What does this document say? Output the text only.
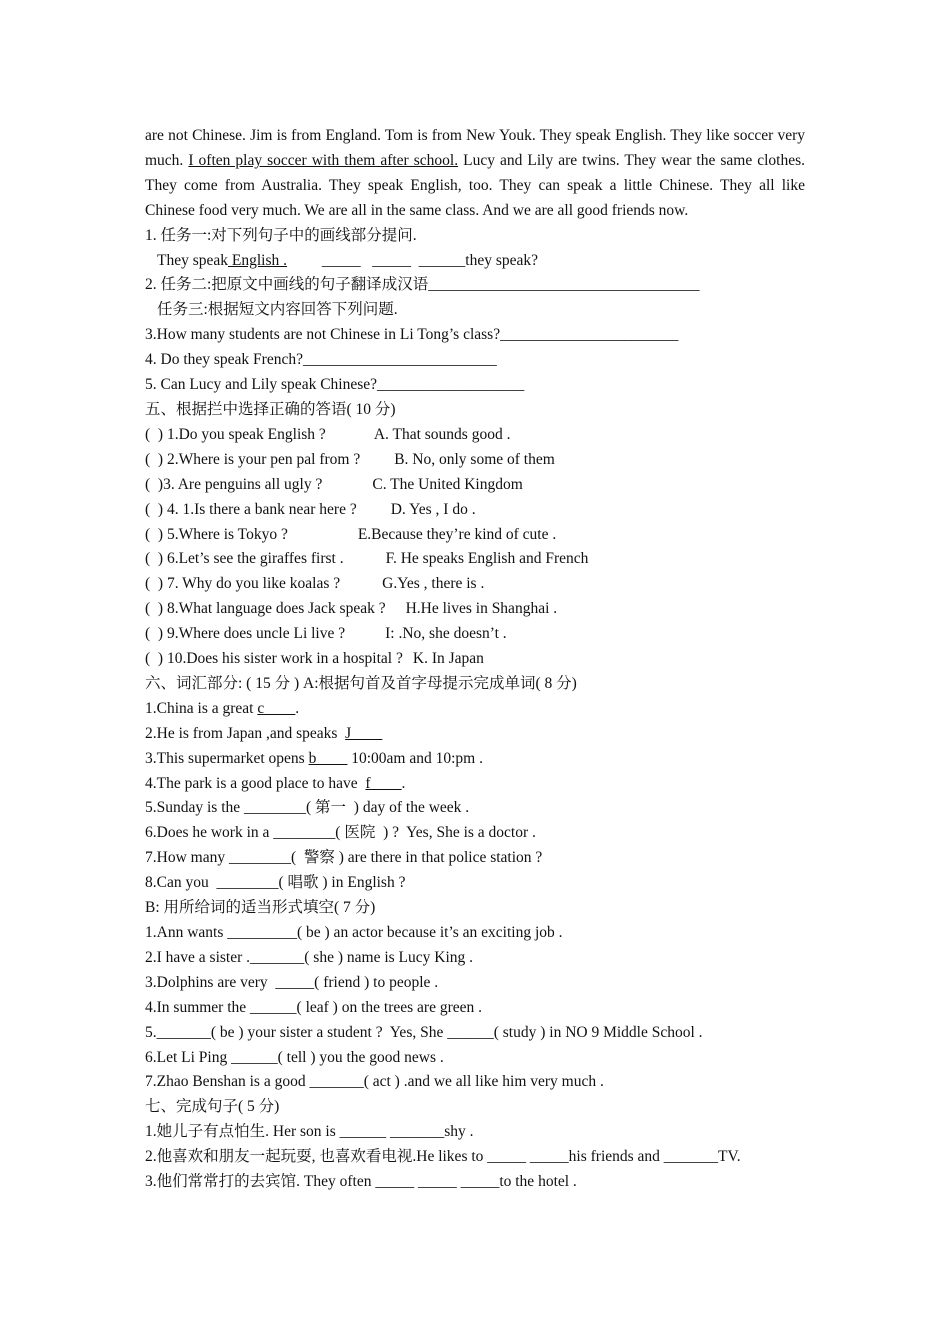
are not Chinese. Jim is from England. Tom is from New Youk. They speak English. They like soccer very much. I often play soccer with them after school. Lucy and Lily are twins. They wear the same clothes. They come from Australia. They speak English, too. They can speak a little Chinese. They all like Chinese food very much. We are all in the same class. And we are all good friends now.
1. 任务一:对下列句子中的画线部分提问.
They speak English .         _____   _____  ______they speak?
2. 任务二:把原文中画线的句子翻译成汉语___________________________________
任务三:根据短文内容回答下列问题.
3.How many students are not Chinese in Li Tong’s class?_______________________
4. Do they speak French?_________________________
5. Can Lucy and Lily speak Chinese?___________________
五、根据拦中选择正确的答语( 10 分)
(  ) 1.Do you speak English ?	A. That sounds good .
(  ) 2.Where is your pen pal from ? B. No, only some of them
(  )3. Are penguins all ugly ?	C. The United Kingdom
(  ) 4. 1.Is there a bank near here ? D. Yes , I do .
(  ) 5.Where is Tokyo ?	E.Because they’re kind of cute .
(  ) 6.Let’s see the giraffes first .	F. He speaks English and French
(  ) 7. Why do you like koalas ?	G.Yes , there is .
(  ) 8.What language does Jack speak ? H.He lives in Shanghai .
(  ) 9.Where does uncle Li live ?	I: .No, she doesn’t .
(  ) 10.Does his sister work in a hospital ? K. In Japan
六、词汇部分: ( 15 分 ) A:根据句首及首字母提示完成单词( 8 分)
1.China is a great c____.
2.He is from Japan ,and speaks  J____
3.This supermarket opens b____ 10:00am and 10:pm .
4.The park is a good place to have  f____.
5.Sunday is the ________( 第一  ) day of the week .
6.Does he work in a ________( 医院  ) ?  Yes, She is a doctor .
7.How many ________(  警察 ) are there in that police station ?
8.Can you  ________( 唱歌 ) in English ?
B: 用所给词的适当形式填空( 7 分)
1.Ann wants _________( be ) an actor because it’s an exciting job .
2.I have a sister ._______( she ) name is Lucy King .
3.Dolphins are very  _____( friend ) to people .
4.In summer the ______( leaf ) on the trees are green .
5._______( be ) your sister a student ?  Yes, She ______( study ) in NO 9 Middle School .
6.Let Li Ping ______( tell ) you the good news .
7.Zhao Benshan is a good _______( act ) .and we all like him very much .
七、完成句子( 5 分)
1.她儿子有点怕生. Her son is ______ _______shy .
2.他喜欢和朋友一起玩耍, 也喜欢看电视.He likes to _____ _____his friends and _______TV.
3.他们常常打的去宾馆. They often _____ _____ _____to the hotel .
